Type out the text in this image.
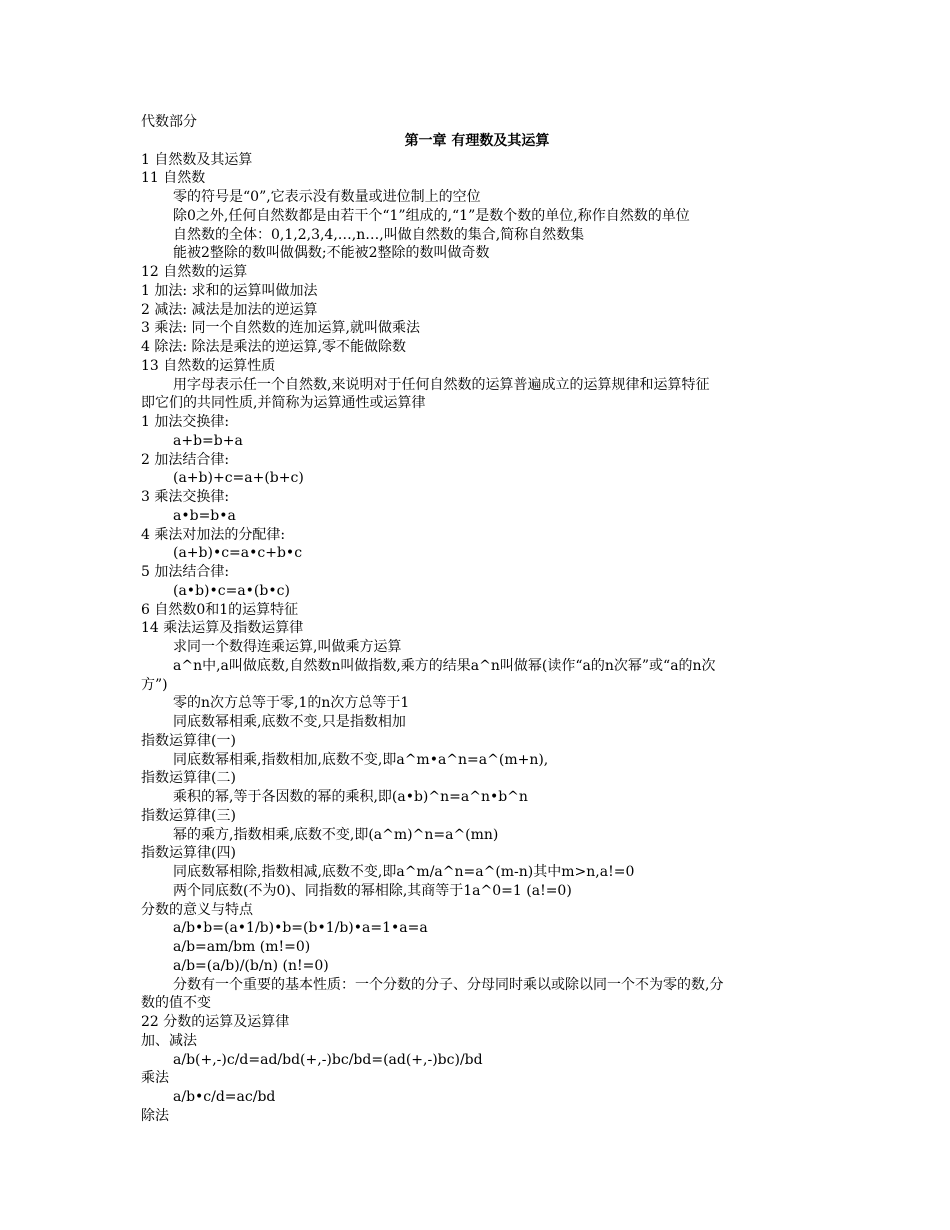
代数部分
第一章 有理数及其运算
1 自然数及其运算
11 自然数
零的符号是“0”,它表示没有数量或进位制上的空位
除0之外,任何自然数都是由若干个“1”组成的,“1”是数个数的单位,称作自然数的单位
自然数的全体：0,1,2,3,4,…,n…,叫做自然数的集合,简称自然数集
能被2整除的数叫做偶数;不能被2整除的数叫做奇数
12 自然数的运算
1 加法: 求和的运算叫做加法
2 减法: 减法是加法的逆运算
3 乘法: 同一个自然数的连加运算,就叫做乘法
4 除法: 除法是乘法的逆运算,零不能做除数
13 自然数的运算性质
用字母表示任一个自然数,来说明对于任何自然数的运算普遍成立的运算规律和运算特征
即它们的共同性质,并简称为运算通性或运算律
1 加法交换律:
a+b=b+a
2 加法结合律:
(a+b)+c=a+(b+c)
3 乘法交换律:
a•b=b•a
4 乘法对加法的分配律:
(a+b)•c=a•c+b•c
5 加法结合律:
(a•b)•c=a•(b•c)
6 自然数0和1的运算特征
14 乘法运算及指数运算律
求同一个数得连乘运算,叫做乘方运算
a^n中,a叫做底数,自然数n叫做指数,乘方的结果a^n叫做幂(读作“a的n次幂”或“a的n次
方”)
零的n次方总等于零,1的n次方总等于1
同底数幂相乘,底数不变,只是指数相加
指数运算律(一)
同底数幂相乘,指数相加,底数不变,即a^m•a^n=a^(m+n),
指数运算律(二)
乘积的幂,等于各因数的幂的乘积,即(a•b)^n=a^n•b^n
指数运算律(三)
幂的乘方,指数相乘,底数不变,即(a^m)^n=a^(mn)
指数运算律(四)
同底数幂相除,指数相减,底数不变,即a^m/a^n=a^(m-n)其中m>n,a!=0
两个同底数(不为0)、同指数的幂相除,其商等于1a^0=1 (a!=0)
分数的意义与特点
a/b•b=(a•1/b)•b=(b•1/b)•a=1•a=a
a/b=am/bm (m!=0)
a/b=(a/b)/(b/n) (n!=0)
分数有一个重要的基本性质：一个分数的分子、分母同时乘以或除以同一个不为零的数,分
数的值不变
22 分数的运算及运算律
加、减法
a/b(+,-)c/d=ad/bd(+,-)bc/bd=(ad(+,-)bc)/bd
乘法
a/b•c/d=ac/bd
除法
